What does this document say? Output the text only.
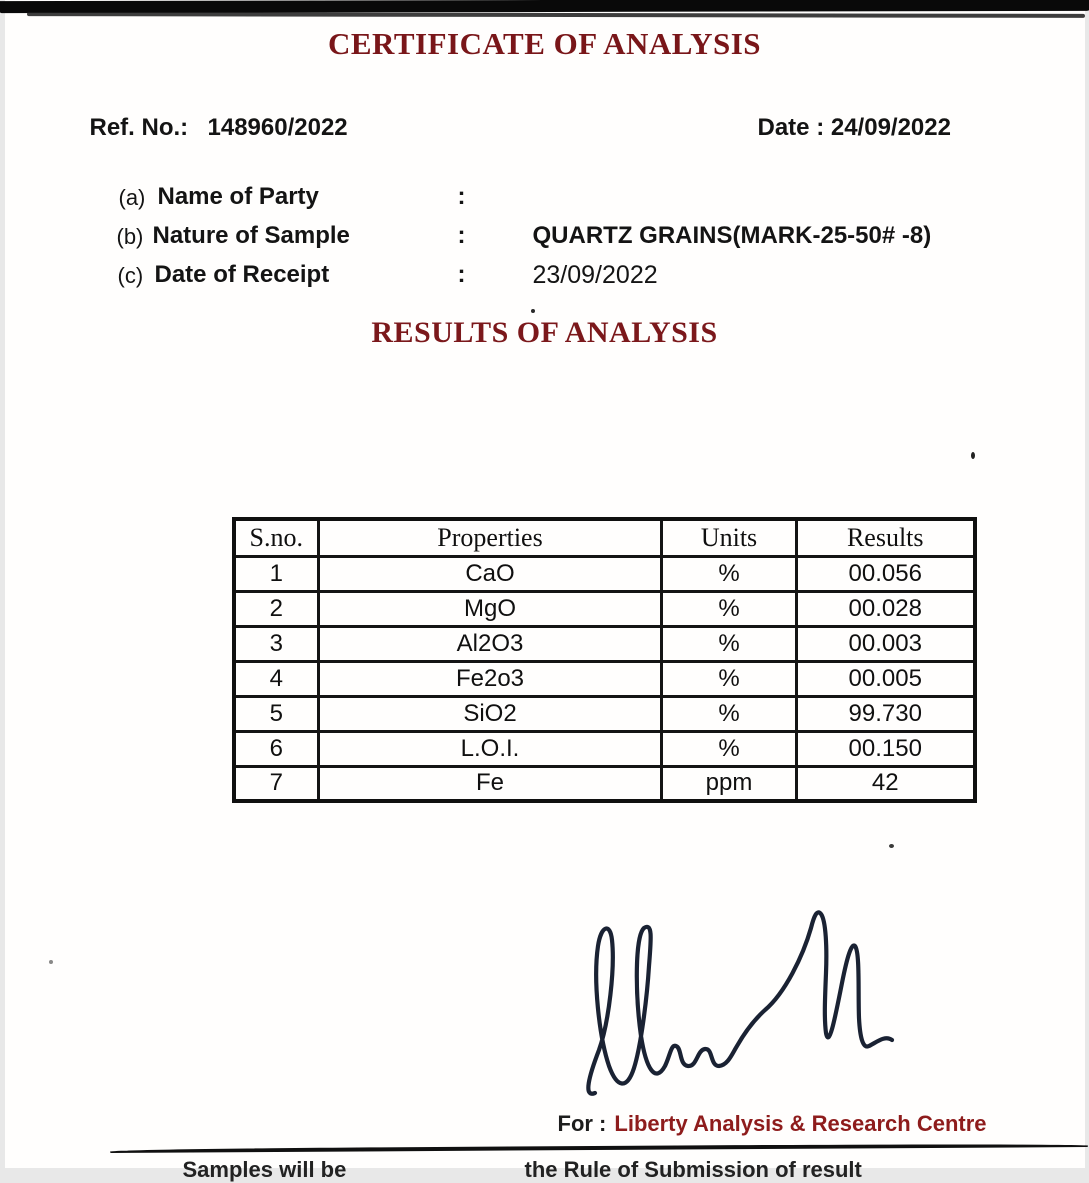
CERTIFICATE OF ANALYSIS
Ref. No.: 148960/2022	Date : 24/09/2022
(a) Name of Party	:
(b) Nature of Sample	:	QUARTZ GRAINS(MARK-25-50# -8)
(c) Date of Receipt	:	23/09/2022
RESULTS OF ANALYSIS
S.no.	Properties	Units	Results
1	CaO	%	00.056
2	MgO	%	00.028
3	Al2O3	%	00.003
4	Fe2o3	%	00.005
5	SiO2	%	99.730
6	L.O.I.	%	00.150
7	Fe	ppm	42
For : Liberty Analysis & Research Centre
Samples will be	the Rule of Submission of result
